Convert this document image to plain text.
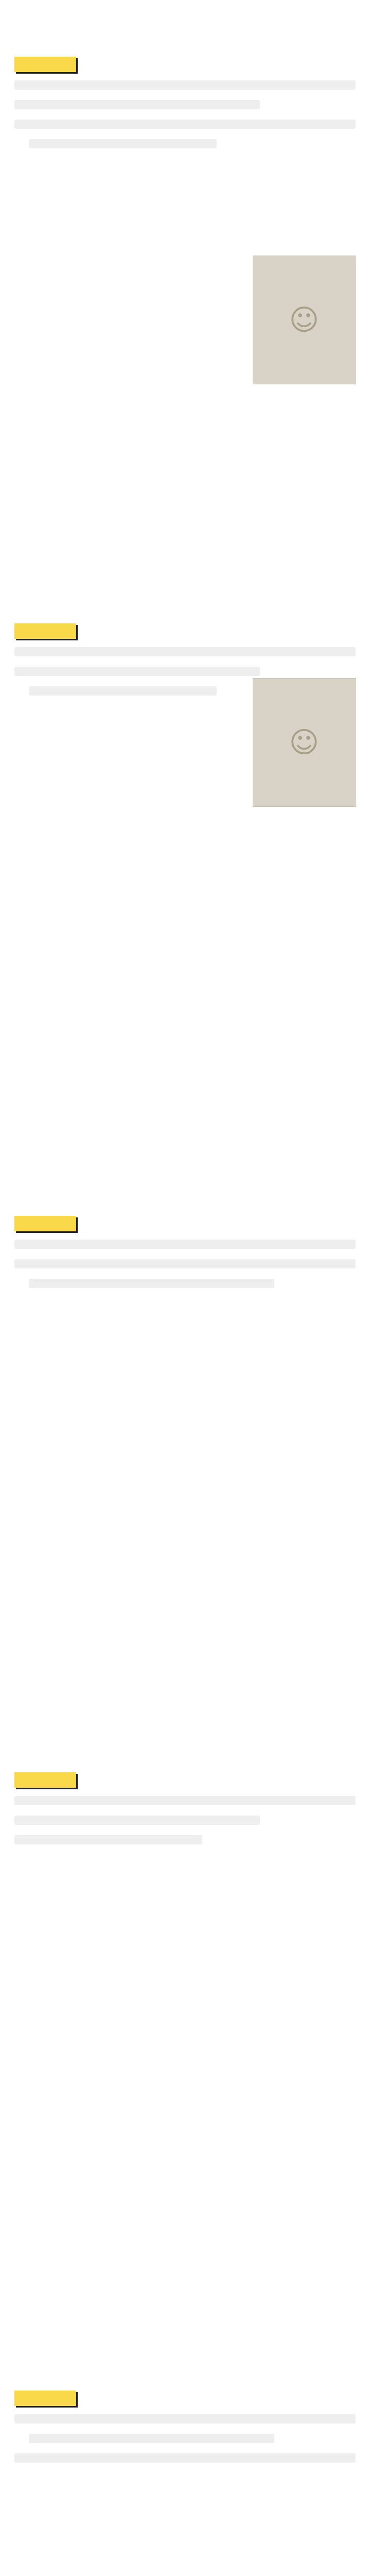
☺
☺
